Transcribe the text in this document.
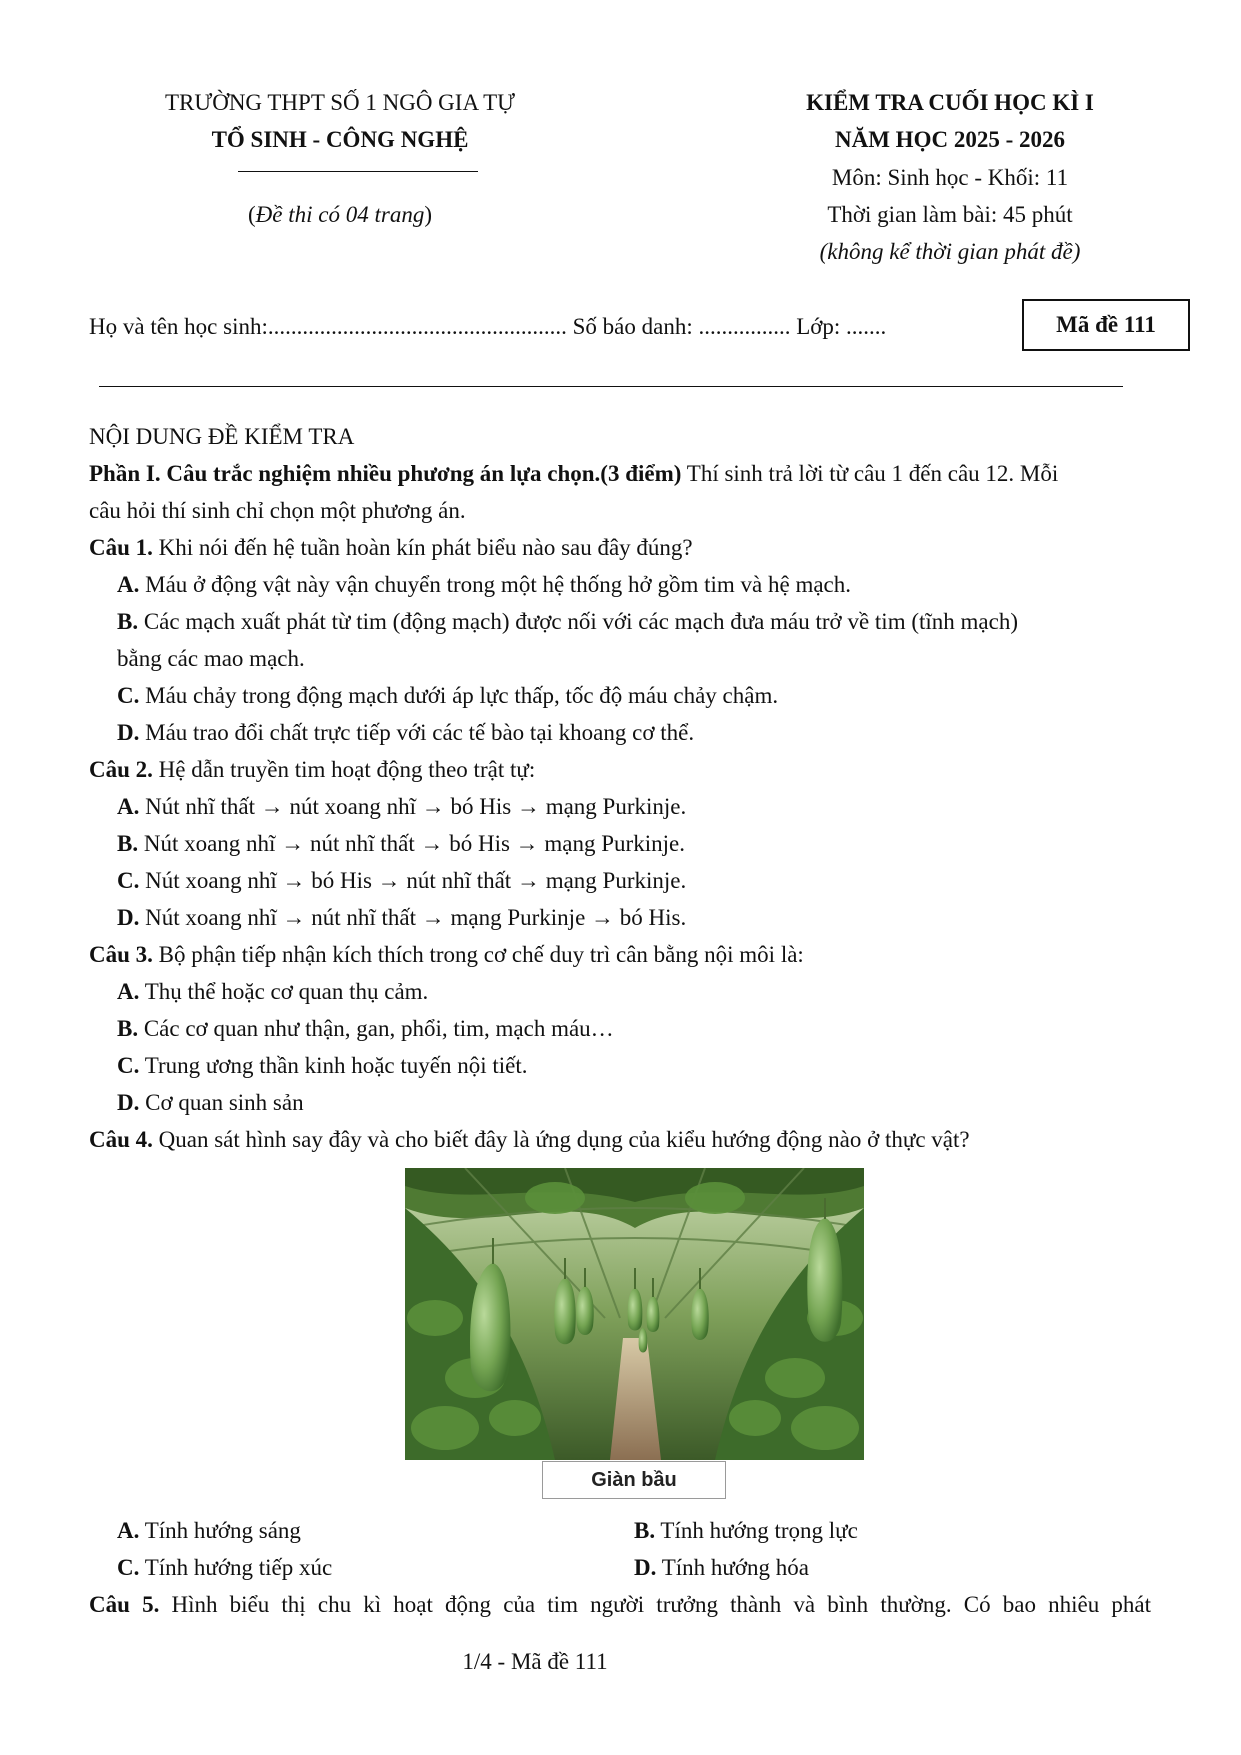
TRƯỜNG THPT SỐ 1 NGÔ GIA TỰ
TỔ SINH - CÔNG NGHỆ
(Đề thi có 04 trang)
KIỂM TRA CUỐI HỌC KÌ I
NĂM HỌC 2025 - 2026
Môn: Sinh học - Khối: 11
Thời gian làm bài: 45 phút
(không kể thời gian phát đề)
Họ và tên học sinh:.................................................... Số báo danh: ................ Lớp: .......	Mã đề 111
NỘI DUNG ĐỀ KIỂM TRA
Phần I. Câu trắc nghiệm nhiều phương án lựa chọn.(3 điểm) Thí sinh trả lời từ câu 1 đến câu 12. Mỗi
câu hỏi thí sinh chỉ chọn một phương án.
Câu 1. Khi nói đến hệ tuần hoàn kín phát biểu nào sau đây đúng?
A. Máu ở động vật này vận chuyển trong một hệ thống hở gồm tim và hệ mạch.
B. Các mạch xuất phát từ tim (động mạch) được nối với các mạch đưa máu trở về tim (tĩnh mạch)
bằng các mao mạch.
C. Máu chảy trong động mạch dưới áp lực thấp, tốc độ máu chảy chậm.
D. Máu trao đổi chất trực tiếp với các tế bào tại khoang cơ thể.
Câu 2. Hệ dẫn truyền tim hoạt động theo trật tự:
A. Nút nhĩ thất → nút xoang nhĩ → bó His → mạng Purkinje.
B. Nút xoang nhĩ → nút nhĩ thất → bó His → mạng Purkinje.
C. Nút xoang nhĩ → bó His → nút nhĩ thất → mạng Purkinje.
D. Nút xoang nhĩ → nút nhĩ thất → mạng Purkinje → bó His.
Câu 3. Bộ phận tiếp nhận kích thích trong cơ chế duy trì cân bằng nội môi là:
A. Thụ thể hoặc cơ quan thụ cảm.
B. Các cơ quan như thận, gan, phổi, tim, mạch máu…
C. Trung ương thần kinh hoặc tuyến nội tiết.
D. Cơ quan sinh sản
Câu 4. Quan sát hình say đây và cho biết đây là ứng dụng của kiểu hướng động nào ở thực vật?
Giàn bầu
A. Tính hướng sáng	B. Tính hướng trọng lực
C. Tính hướng tiếp xúc	D. Tính hướng hóa
Câu 5. Hình biểu thị chu kì hoạt động của tim người trưởng thành và bình thường. Có bao nhiêu phát
1/4 - Mã đề 111
